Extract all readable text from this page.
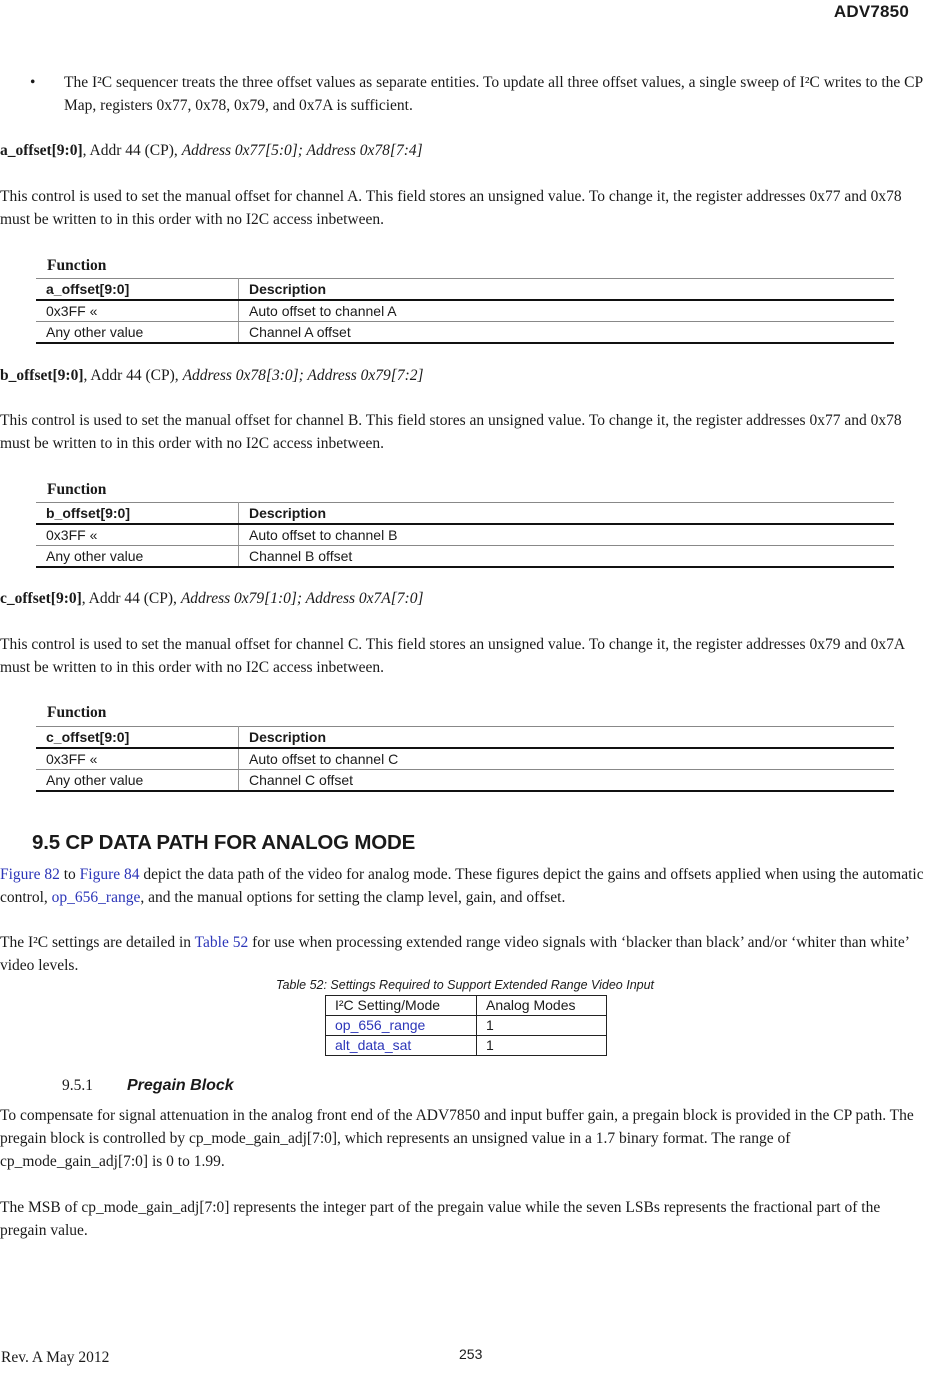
ADV7850
• The I²C sequencer treats the three offset values as separate entities. To update all three offset values, a single sweep of I²C writes to the CP Map, registers 0x77, 0x78, 0x79, and 0x7A is sufficient.
a_offset[9:0], Addr 44 (CP), Address 0x77[5:0]; Address 0x78[7:4]
This control is used to set the manual offset for channel A. This field stores an unsigned value. To change it, the register addresses 0x77 and 0x78 must be written to in this order with no I2C access inbetween.
Function
a_offset[9:0]	Description
0x3FF «	Auto offset to channel A
Any other value	Channel A offset
b_offset[9:0], Addr 44 (CP), Address 0x78[3:0]; Address 0x79[7:2]
This control is used to set the manual offset for channel B. This field stores an unsigned value. To change it, the register addresses 0x77 and 0x78 must be written to in this order with no I2C access inbetween.
Function
b_offset[9:0]	Description
0x3FF «	Auto offset to channel B
Any other value	Channel B offset
c_offset[9:0], Addr 44 (CP), Address 0x79[1:0]; Address 0x7A[7:0]
This control is used to set the manual offset for channel C. This field stores an unsigned value. To change it, the register addresses 0x79 and 0x7A must be written to in this order with no I2C access inbetween.
Function
c_offset[9:0]	Description
0x3FF «	Auto offset to channel C
Any other value	Channel C offset
9.5 CP DATA PATH FOR ANALOG MODE
Figure 82 to Figure 84 depict the data path of the video for analog mode. These figures depict the gains and offsets applied when using the automatic control, op_656_range, and the manual options for setting the clamp level, gain, and offset.
The I²C settings are detailed in Table 52 for use when processing extended range video signals with ‘blacker than black’ and/or ‘whiter than white’ video levels.
Table 52: Settings Required to Support Extended Range Video Input
I²C Setting/Mode	Analog Modes
op_656_range	1
alt_data_sat	1
9.5.1 Pregain Block
To compensate for signal attenuation in the analog front end of the ADV7850 and input buffer gain, a pregain block is provided in the CP path. The pregain block is controlled by cp_mode_gain_adj[7:0], which represents an unsigned value in a 1.7 binary format. The range of cp_mode_gain_adj[7:0] is 0 to 1.99.
The MSB of cp_mode_gain_adj[7:0] represents the integer part of the pregain value while the seven LSBs represents the fractional part of the pregain value.
Rev. A May 2012	253
